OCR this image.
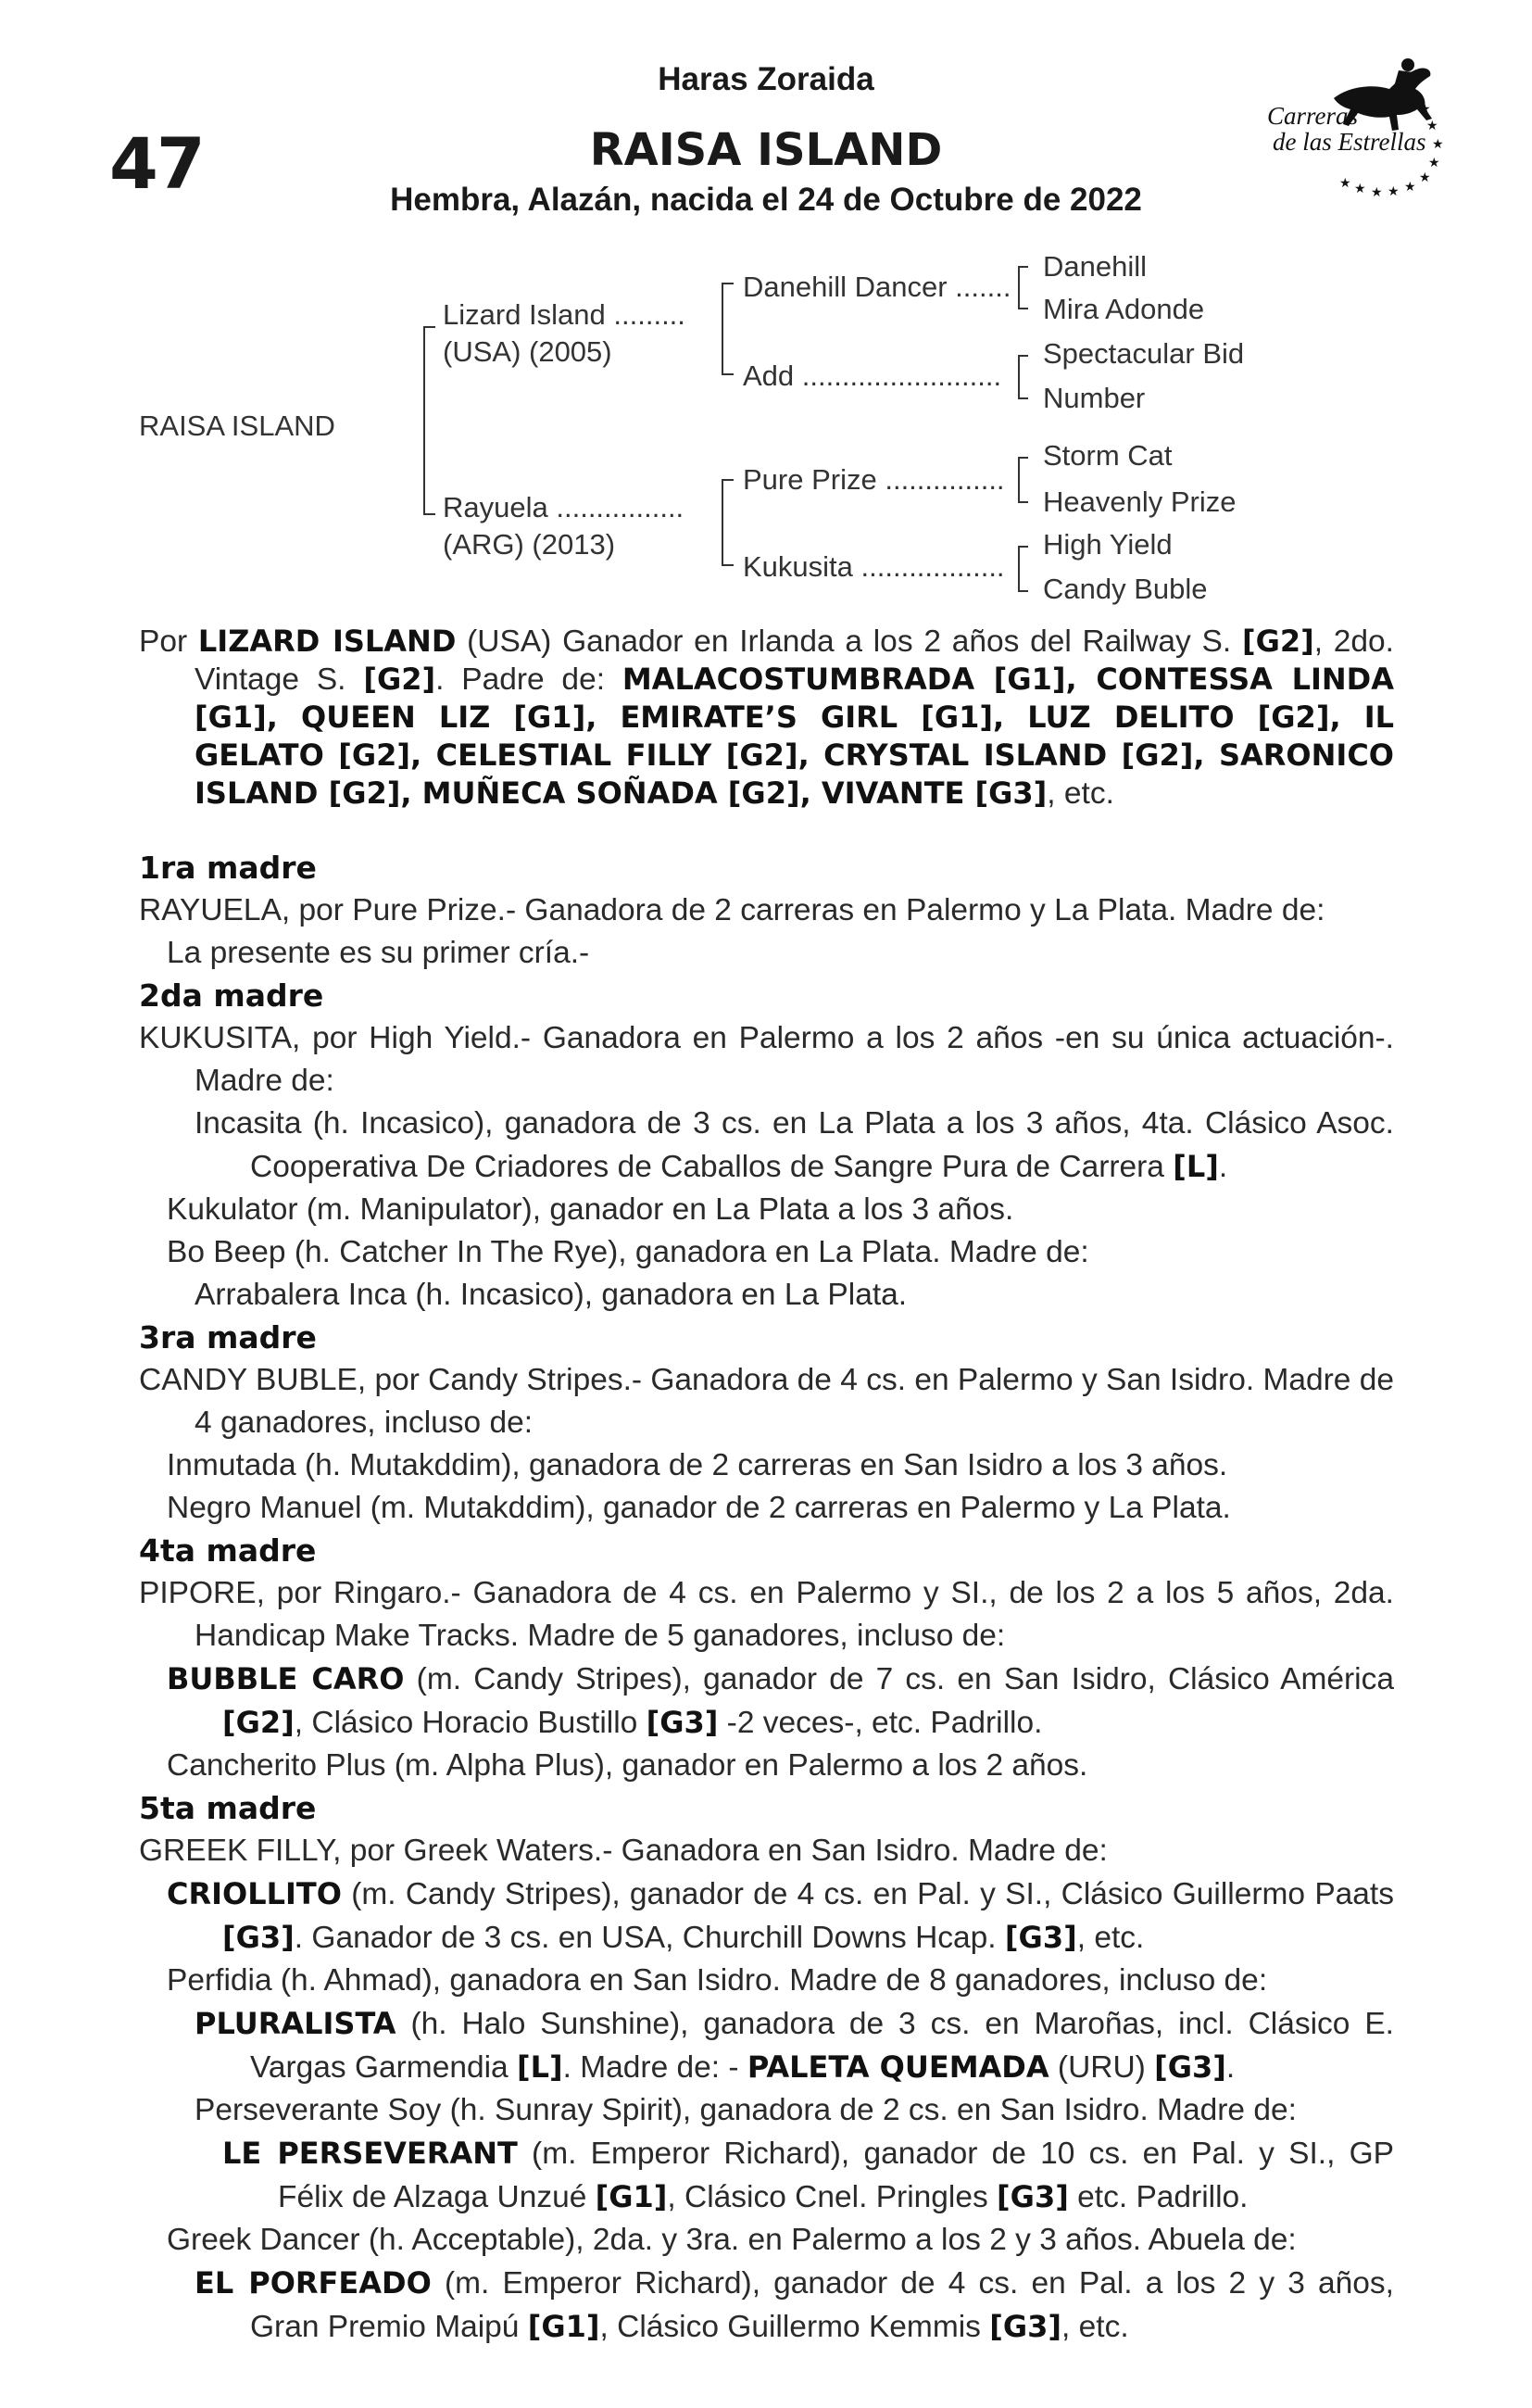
47
Haras Zoraida
RAISA ISLAND
Hembra, Alazán, nacida el 24 de Octubre de 2022
Carreras
de las Estrellas
★
★
★
★
★
★
★
★
★
★
RAISA ISLAND
Lizard Island .........
(USA) (2005)
Rayuela ................
(ARG) (2013)
Danehill Dancer .......
Add .........................
Pure Prize ...............
Kukusita ..................
Danehill
Mira Adonde
Spectacular Bid
Number
Storm Cat
Heavenly Prize
High Yield
Candy Buble

Por LIZARD ISLAND (USA) Ganador en Irlanda a los 2 años del Railway S. [G2], 2do. Vintage S. [G2]. Padre de: MALACOSTUMBRADA [G1], CONTESSA LINDA [G1], QUEEN LIZ [G1], EMIRATE’S GIRL [G1], LUZ DELITO [G2], IL GELATO [G2], CELESTIAL FILLY [G2], CRYSTAL ISLAND [G2], SARONICO ISLAND [G2], MUÑECA SOÑADA [G2], VIVANTE [G3], etc.

1ra madre

RAYUELA, por Pure Prize.- Ganadora de 2 carreras en Palermo y La Plata. Madre de:

La presente es su primer cría.-

2da madre

KUKUSITA, por High Yield.- Ganadora en Palermo a los 2 años -en su única actuación-. Madre de:

Incasita (h. Incasico), ganadora de 3 cs. en La Plata a los 3 años, 4ta. Clásico Asoc. Cooperativa De Criadores de Caballos de Sangre Pura de Carrera [L].

Kukulator (m. Manipulator), ganador en La Plata a los 3 años.

Bo Beep (h. Catcher In The Rye), ganadora en La Plata. Madre de:

Arrabalera Inca (h. Incasico), ganadora en La Plata.

3ra madre

CANDY BUBLE, por Candy Stripes.- Ganadora de 4 cs. en Palermo y San Isidro. Madre de 4 ganadores, incluso de:

Inmutada (h. Mutakddim), ganadora de 2 carreras en San Isidro a los 3 años.

Negro Manuel (m. Mutakddim), ganador de 2 carreras en Palermo y La Plata.

4ta madre

PIPORE, por Ringaro.- Ganadora de 4 cs. en Palermo y SI., de los 2 a los 5 años, 2da. Handicap Make Tracks. Madre de 5 ganadores, incluso de:

BUBBLE CARO (m. Candy Stripes), ganador de 7 cs. en San Isidro, Clásico América [G2], Clásico Horacio Bustillo [G3] -2 veces-, etc. Padrillo.

Cancherito Plus (m. Alpha Plus), ganador en Palermo a los 2 años.

5ta madre

GREEK FILLY, por Greek Waters.- Ganadora en San Isidro. Madre de:

CRIOLLITO (m. Candy Stripes), ganador de 4 cs. en Pal. y SI., Clásico Guillermo Paats [G3]. Ganador de 3 cs. en USA, Churchill Downs Hcap. [G3], etc.

Perfidia (h. Ahmad), ganadora en San Isidro. Madre de 8 ganadores, incluso de:

PLURALISTA (h. Halo Sunshine), ganadora de 3 cs. en Maroñas, incl. Clásico E. Vargas Garmendia [L]. Madre de: - PALETA QUEMADA (URU) [G3].

Perseverante Soy (h. Sunray Spirit), ganadora de 2 cs. en San Isidro. Madre de:

LE PERSEVERANT (m. Emperor Richard), ganador de 10 cs. en Pal. y SI., GP Félix de Alzaga Unzué [G1], Clásico Cnel. Pringles [G3] etc. Padrillo.

Greek Dancer (h. Acceptable), 2da. y 3ra. en Palermo a los 2 y 3 años. Abuela de:

EL PORFEADO (m. Emperor Richard), ganador de 4 cs. en Pal. a los 2 y 3 años, Gran Premio Maipú [G1], Clásico Guillermo Kemmis [G3], etc.
